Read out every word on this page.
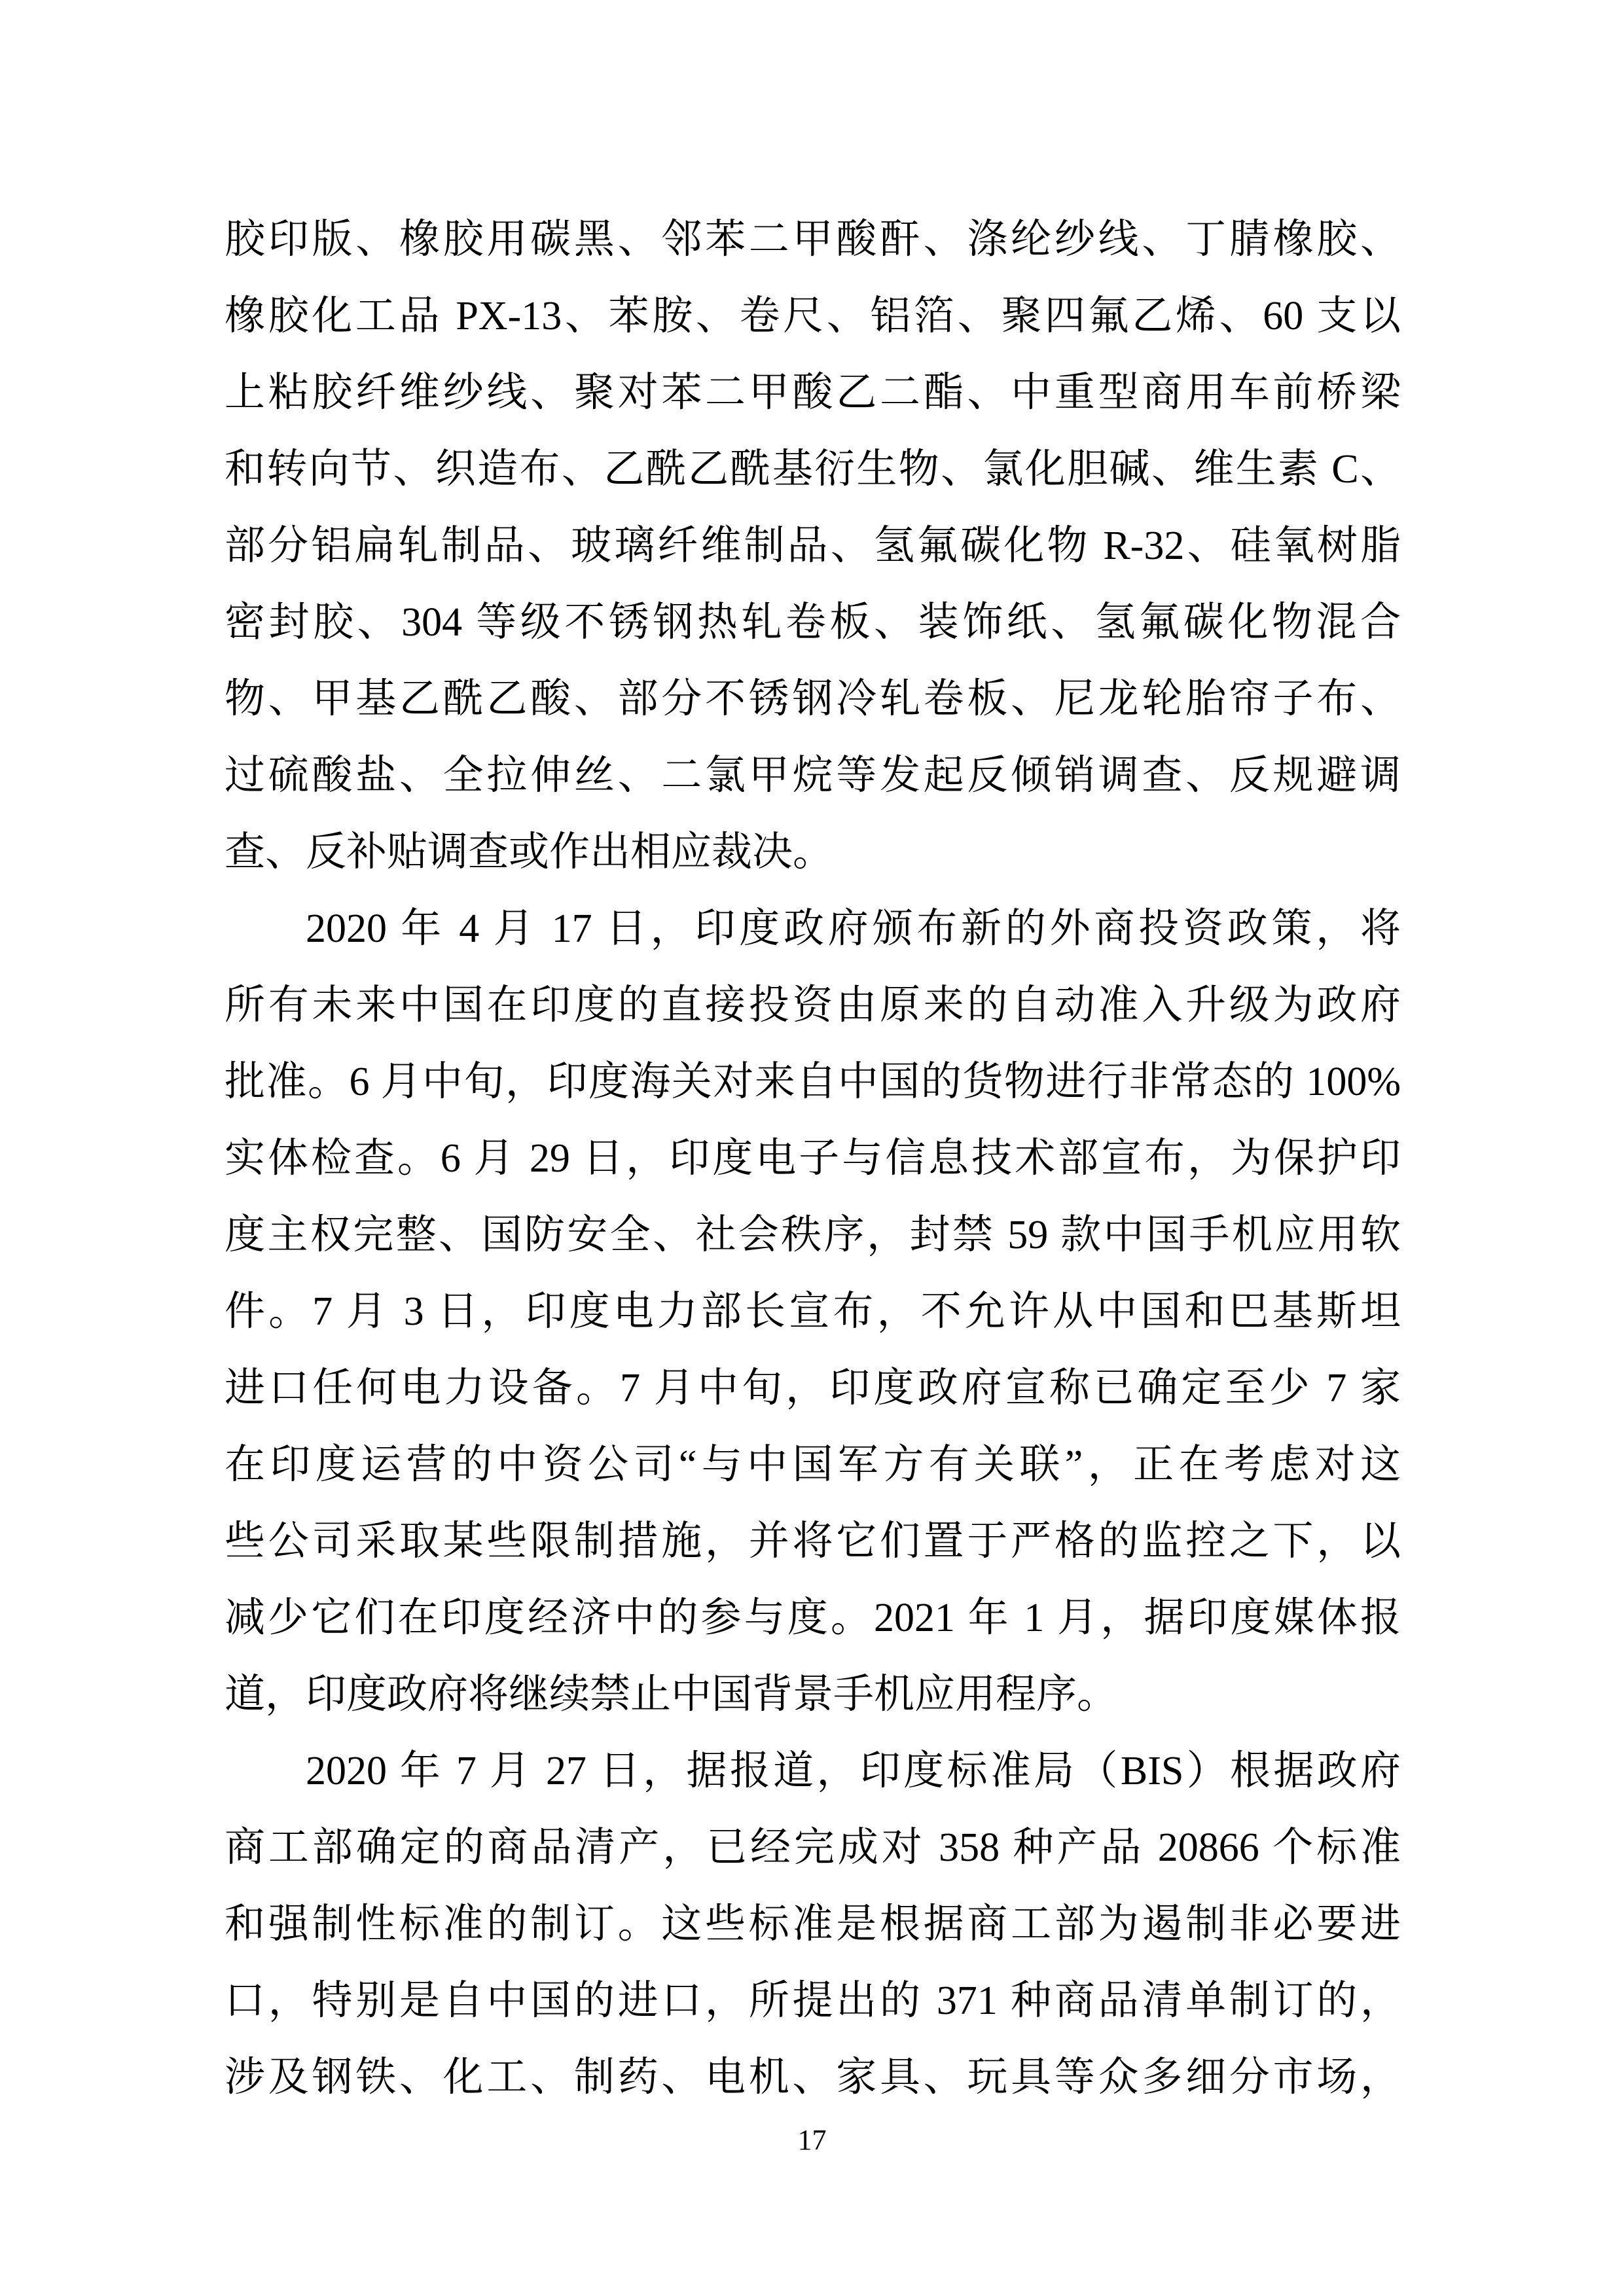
胶印版、橡胶用碳黑、邻苯二甲酸酐、涤纶纱线、丁腈橡胶、

橡胶化工品 PX-13、苯胺、卷尺、铝箔、聚四氟乙烯、60 支以

上粘胶纤维纱线、聚对苯二甲酸乙二酯、中重型商用车前桥梁

和转向节、织造布、乙酰乙酰基衍生物、氯化胆碱、维生素 C、

部分铝扁轧制品、玻璃纤维制品、氢氟碳化物 R-32、硅氧树脂

密封胶、304 等级不锈钢热轧卷板、装饰纸、氢氟碳化物混合

物、甲基乙酰乙酸、部分不锈钢冷轧卷板、尼龙轮胎帘子布、

过硫酸盐、全拉伸丝、二氯甲烷等发起反倾销调查、反规避调

查、反补贴调查或作出相应裁决。

2020 年 4 月 17 日，印度政府颁布新的外商投资政策，将

所有未来中国在印度的直接投资由原来的自动准入升级为政府

批准。6 月中旬，印度海关对来自中国的货物进行非常态的 100%

实体检查。6 月 29 日，印度电子与信息技术部宣布，为保护印

度主权完整、国防安全、社会秩序，封禁 59 款中国手机应用软

件。7 月 3 日，印度电力部长宣布，不允许从中国和巴基斯坦

进口任何电力设备。7 月中旬，印度政府宣称已确定至少 7 家

在印度运营的中资公司“与中国军方有关联”，正在考虑对这

些公司采取某些限制措施，并将它们置于严格的监控之下，以

减少它们在印度经济中的参与度。2021 年 1 月，据印度媒体报

道，印度政府将继续禁止中国背景手机应用程序。

2020 年 7 月 27 日，据报道，印度标准局（BIS）根据政府

商工部确定的商品清产，已经完成对 358 种产品 20866 个标准

和强制性标准的制订。这些标准是根据商工部为遏制非必要进

口，特别是自中国的进口，所提出的 371 种商品清单制订的，

涉及钢铁、化工、制药、电机、家具、玩具等众多细分市场，

17
